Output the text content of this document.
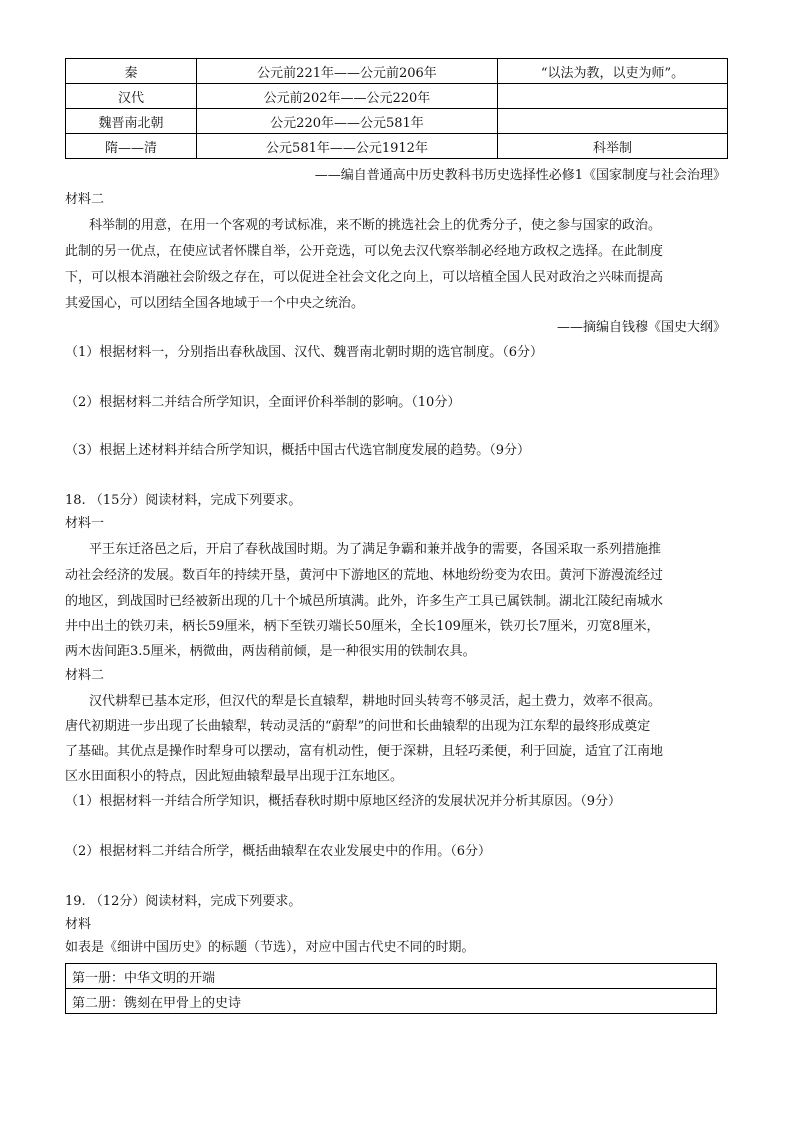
秦	公元前221年——公元前206年	“以法为教，以吏为师”。
汉代	公元前202年——公元220年	
魏晋南北朝	公元220年——公元581年	
隋——清	公元581年——公元1912年	科举制
——编自普通高中历史教科书历史选择性必修1《国家制度与社会治理》
材料二
科举制的用意，在用一个客观的考试标准，来不断的挑选社会上的优秀分子，使之参与国家的政治。
此制的另一优点，在使应试者怀牒自举，公开竞选，可以免去汉代察举制必经地方政权之选择。在此制度
下，可以根本消融社会阶级之存在，可以促进全社会文化之向上，可以培植全国人民对政治之兴味而提高
其爱国心，可以团结全国各地域于一个中央之统治。
——摘编自钱穆《国史大纲》
（1）根据材料一，分别指出春秋战国、汉代、魏晋南北朝时期的选官制度。（6分）
（2）根据材料二并结合所学知识，全面评价科举制的影响。（10分）
（3）根据上述材料并结合所学知识，概括中国古代选官制度发展的趋势。（9分）
18. （15分）阅读材料，完成下列要求。
材料一
平王东迁洛邑之后，开启了春秋战国时期。为了满足争霸和兼并战争的需要，各国采取一系列措施推
动社会经济的发展。数百年的持续开垦，黄河中下游地区的荒地、林地纷纷变为农田。黄河下游漫流经过
的地区，到战国时已经被新出现的几十个城邑所填满。此外，许多生产工具已属铁制。湖北江陵纪南城水
井中出土的铁刃耒，柄长59厘米，柄下至铁刃端长50厘米，全长109厘米，铁刃长7厘米，刃宽8厘米，
两木齿间距3.5厘米，柄微曲，两齿稍前倾，是一种很实用的铁制农具。
材料二
汉代耕犁已基本定形，但汉代的犁是长直辕犁，耕地时回头转弯不够灵活，起土费力，效率不很高。
唐代初期进一步出现了长曲辕犁，转动灵活的“蔚犁”的问世和长曲辕犁的出现为江东犁的最终形成奠定
了基础。其优点是操作时犁身可以摆动，富有机动性，便于深耕，且轻巧柔便，利于回旋，适宜了江南地
区水田面积小的特点，因此短曲辕犁最早出现于江东地区。
（1）根据材料一并结合所学知识，概括春秋时期中原地区经济的发展状况并分析其原因。（9分）
（2）根据材料二并结合所学，概括曲辕犁在农业发展史中的作用。（6分）
19. （12分）阅读材料，完成下列要求。
材料
如表是《细讲中国历史》的标题（节选），对应中国古代史不同的时期。
第一册：中华文明的开端
第二册：镌刻在甲骨上的史诗
